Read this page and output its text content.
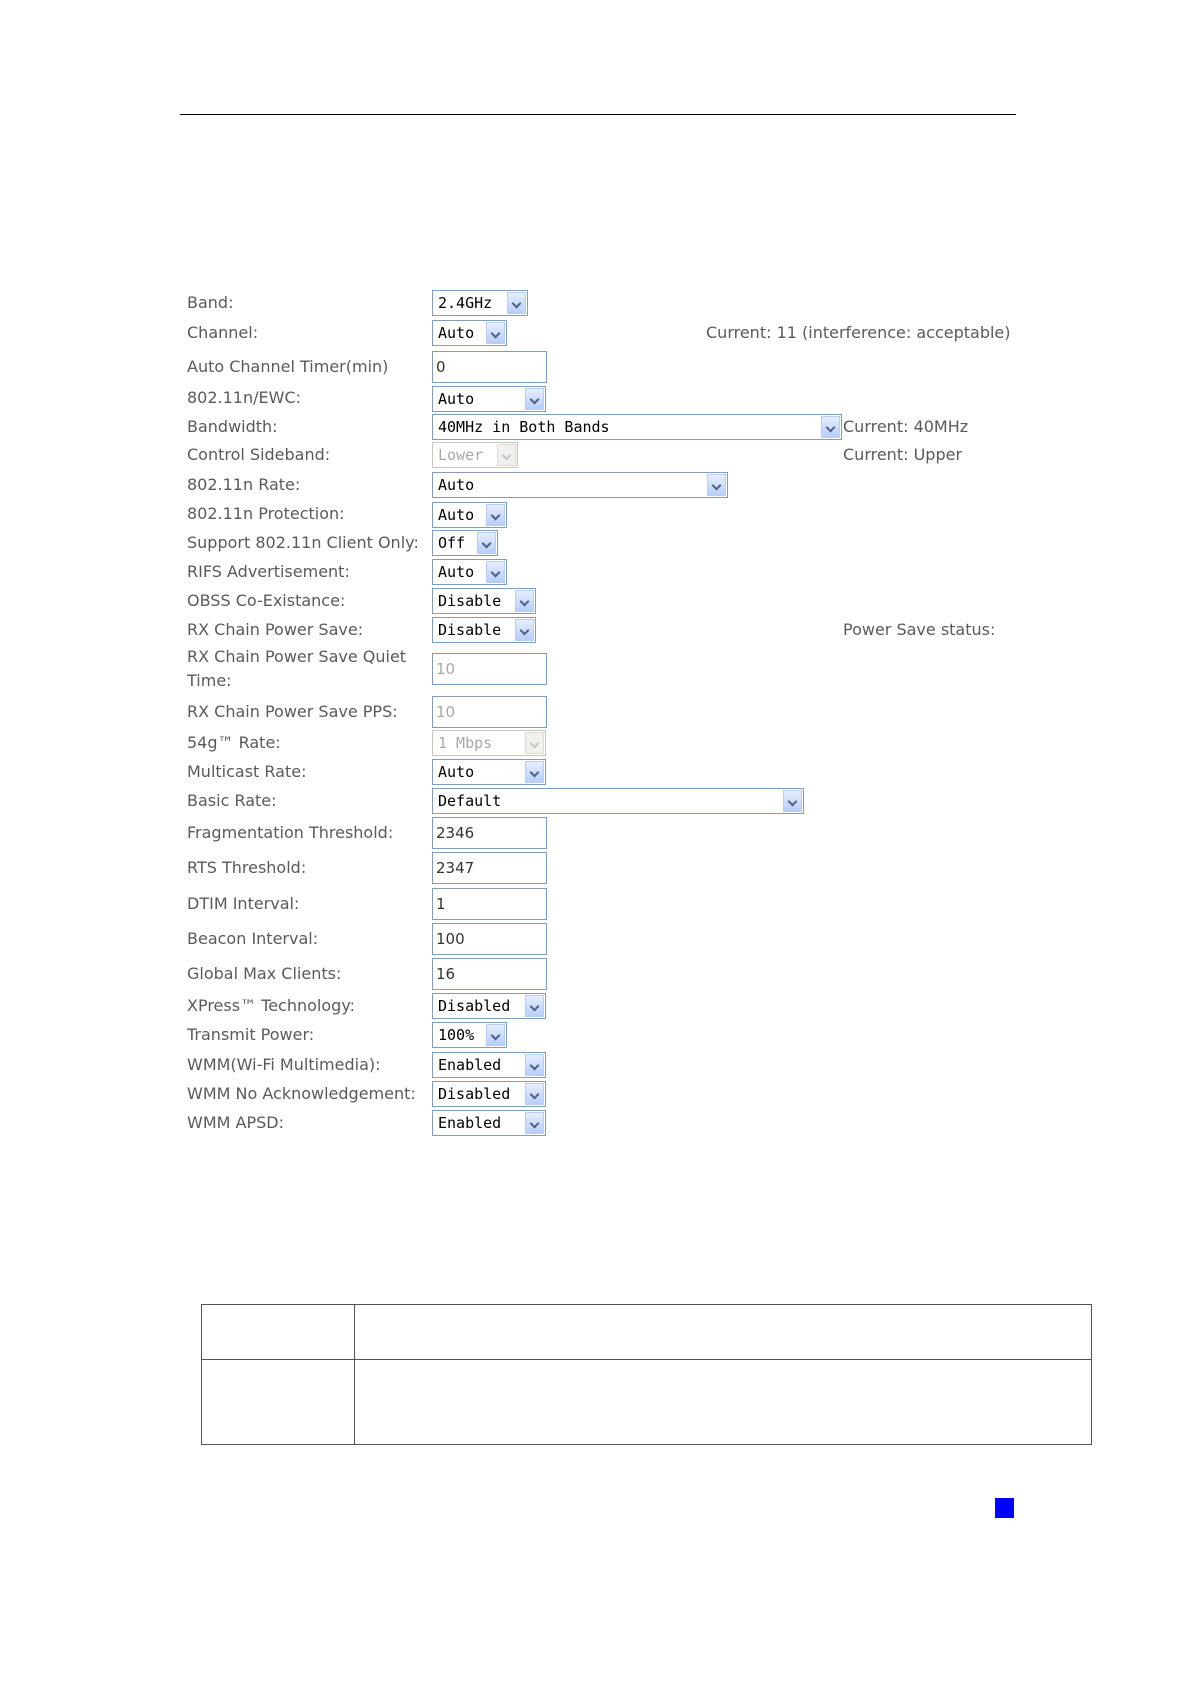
Band:	2.4GHz
Channel:	Auto	Current: 11 (interference: acceptable)
Auto Channel Timer(min)	0
802.11n/EWC:	Auto
Bandwidth:	40MHz in Both Bands	Current: 40MHz
Control Sideband:	Lower	Current: Upper
802.11n Rate:	Auto
802.11n Protection:	Auto
Support 802.11n Client Only: Off
RIFS Advertisement:	Auto
OBSS Co-Existance:	Disable
RX Chain Power Save:	Disable	Power Save status:
RX Chain Power Save Quiet Time:
10
RX Chain Power Save PPS:	10
54g™ Rate:	1 Mbps
Multicast Rate:	Auto
Basic Rate:	Default
Fragmentation Threshold:	2346
RTS Threshold:	2347
DTIM Interval:	1
Beacon Interval:	100
Global Max Clients:	16
XPress™ Technology:	Disabled
Transmit Power:	100%
WMM(Wi-Fi Multimedia):	Enabled
WMM No Acknowledgement: Disabled
WMM APSD:	Enabled
